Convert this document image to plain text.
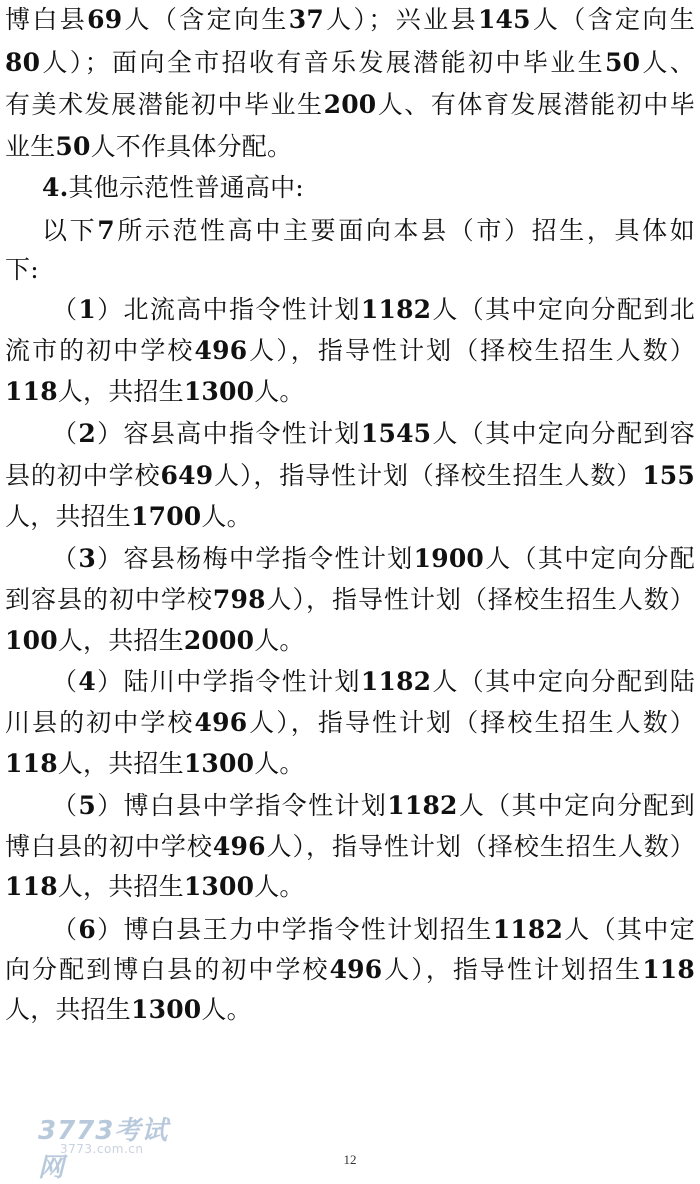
博白县69人（含定向生37人）；兴业县145人（含定向生
80人）；面向全市招收有音乐发展潜能初中毕业生50人、
有美术发展潜能初中毕业生200人、有体育发展潜能初中毕
业生50人不作具体分配。
4.其他示范性普通高中:
以下7所示范性高中主要面向本县（市）招生，具体如
下:
（1）北流高中指令性计划1182人（其中定向分配到北
流市的初中学校496人），指导性计划（择校生招生人数）
118人，共招生1300人。
（2）容县高中指令性计划1545人（其中定向分配到容
县的初中学校649人），指导性计划（择校生招生人数）155
人，共招生1700人。
（3）容县杨梅中学指令性计划1900人（其中定向分配
到容县的初中学校798人），指导性计划（择校生招生人数）
100人，共招生2000人。
（4）陆川中学指令性计划1182人（其中定向分配到陆
川县的初中学校496人），指导性计划（择校生招生人数）
118人，共招生1300人。
（5）博白县中学指令性计划1182人（其中定向分配到
博白县的初中学校496人），指导性计划（择校生招生人数）
118人，共招生1300人。
（6）博白县王力中学指令性计划招生1182人（其中定
向分配到博白县的初中学校496人），指导性计划招生118
人，共招生1300人。
3773考试网
3773.com.cn
12
